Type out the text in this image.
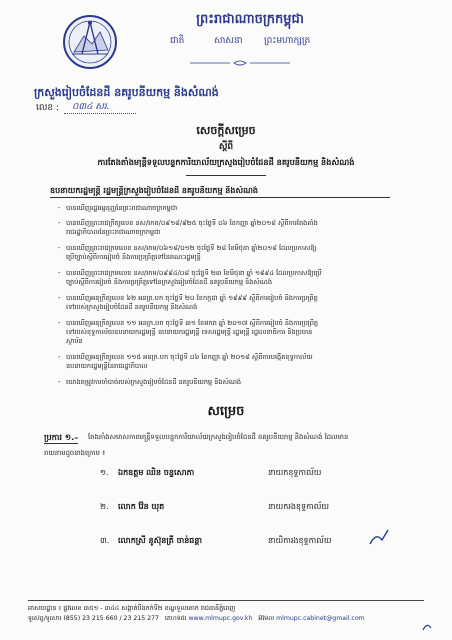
ព្រះរាជាណាចក្រកម្ពុជា
ជាតិ	សាសនា ព្រះមហាក្សត្រ
ក្រសួងរៀបចំដែនដី នគរូបនីយកម្ម និងសំណង់
លេខ : ០៣៤ សរ.
សេចក្ដីសម្រេច
ស្ដីពី
ការតែងតាំងមន្ត្រីទទួលបន្ទុកការិយាល័យក្រសួងរៀបចំដែនដី នគរូបនីយកម្ម និងសំណង់
ឧបនាយករដ្ឋមន្ត្រី រដ្ឋមន្ត្រីក្រសួងរៀបចំដែនដី នគរូបនីយកម្ម និងសំណង់
- បានឃើញរដ្ឋធម្មនុញ្ញនៃព្រះរាជាណាចក្រកម្ពុជា
- បានឃើញព្រះរាជក្រឹត្យលេខ នស/រកត/០៩១៨/៩២៥ ចុះថ្ងៃទី ០៦ ខែកញ្ញា ឆ្នាំ២០១៨ ស្ដីពីការតែងតាំង
រាជរដ្ឋាភិបាលនៃព្រះរាជាណាចក្រកម្ពុជា
- បានឃើញព្រះរាជក្រមលេខ នស/រកម/០៦១៨/០១២ ចុះថ្ងៃទី ២៨ ខែមិថុនា ឆ្នាំ២០១៨ ដែលប្រកាសឱ្យ
ប្រើច្បាប់ស្ដីពីការរៀបចំ និងការប្រព្រឹត្តទៅនៃគណៈរដ្ឋមន្ត្រី
- បានឃើញព្រះរាជក្រមលេខ នស/រកម/០៩៩៤/០៨ ចុះថ្ងៃទី ២៣ ខែមិថុនា ឆ្នាំ ១៩៩៤ ដែលប្រកាសឱ្យប្រើ
ច្បាប់ស្ដីពីការរៀបចំ និងការប្រព្រឹត្តទៅនៃក្រសួងរៀបចំដែនដី នគរូបនីយកម្ម និងសំណង់
- បានឃើញអនុក្រឹត្យលេខ ៦២ អនក្រ.បក ចុះថ្ងៃទី ២០ ខែកក្កដា ឆ្នាំ ១៩៩៩ ស្ដីពីការរៀបចំ និងការប្រព្រឹត្ត
ទៅរបស់ក្រសួងរៀបចំដែនដី នគរូបនីយកម្ម និងសំណង់
- បានឃើញអនុក្រឹត្យលេខ ១១ អនក្រ.បក ចុះថ្ងៃទី ៣១ ខែមករា ឆ្នាំ ២០១៧ ស្ដីពីការរៀបចំ និងការប្រព្រឹត្ត
ទៅរបស់ខុទ្ទកាល័យឧបនាយករដ្ឋមន្ត្រី ឧបនាយករដ្ឋមន្ត្រី ទេសរដ្ឋមន្ត្រី រដ្ឋមន្ត្រី រដ្ឋលេខាធិការ និងប្រធាន
ស្ថាប័ន
- បានឃើញអនុក្រឹត្យលេខ ១១៥ អនក្រ.បក ចុះថ្ងៃទី ០៦ ខែកញ្ញា ឆ្នាំ ២០១៨ ស្ដីពីការបង្កើតខុទ្ទកាល័យ
ឧបនាយករដ្ឋមន្ត្រីនៃរាជរដ្ឋាភិបាល
- យោងតម្រូវការចាំបាច់របស់ក្រសួងរៀបចំដែនដី នគរូបនីយកម្ម និងសំណង់
សម្រេច
ប្រការ ១.– តែងតាំងសមាសភាពមន្ត្រីទទួលបន្ទុកការិយាល័យក្រសួងរៀបចំដែនដី នគរូបនីយកម្ម និងសំណង់ ដែលមាន
រាយនាមដូចខាងក្រោម ៖
១. ឯកឧត្ដម ឈិន ចន្ទសោភា	នាយកខុទ្ទកាល័យ
២. លោក វ៉ែន ឃុត	នាយករងខុទ្ទកាល័យ
៣. លោកស្រី នូស៊ុនត្រី ចាន់ធន្តា	នាយិការងខុទ្ទកាល័យ
អាសយដ្ឋាន ៖ ផ្លូវលេខ ៣៥១ - ៣៤៤ សង្កាត់បឹងកក់ទី២ ខណ្ឌទួលគោក រាជធានីភ្នំពេញ
ទូរស័ព្ទ/ទូរសារ (855) 23 215 660 / 23 215 277 គេហទំព័រ www.mlmupc.gov.kh អ៊ីម៉ែល mlmupc.cabinet@gmail.com
